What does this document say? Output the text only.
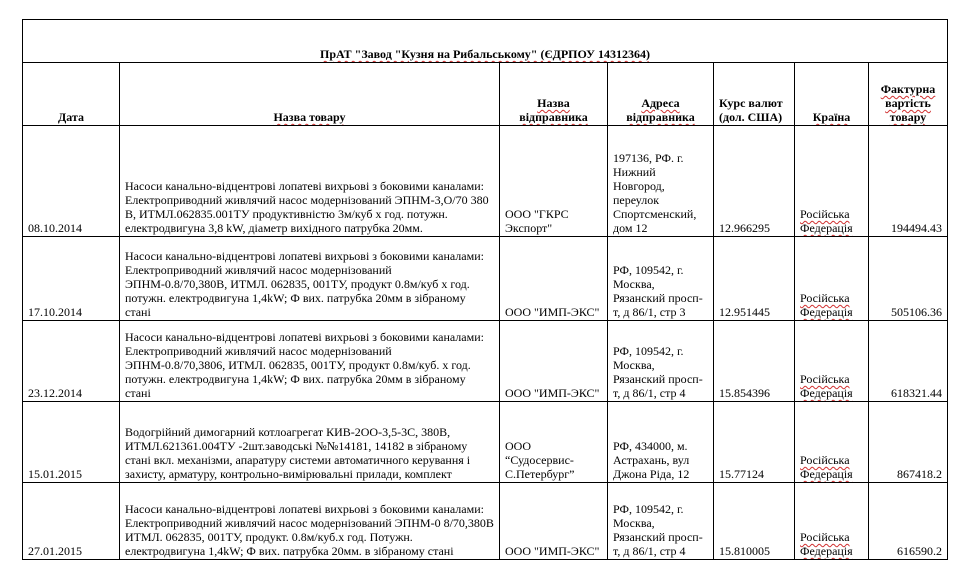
ПрАТ "Завод "Кузня на Рибальському" (ЄДРПОУ 14312364)						
Дата	Назва товару	Назва відправника	Адреса відправника	Курс валют (дол. США)	Країна	Фактурна вартість товару
08.10.2014	Насоси канально-відцентрові лопатеві вихрьові з боковими каналами: Електроприводний живлячий насос модернізований ЭПНМ-3,О/70 380 В, ИТМЛ.062835.001ТУ продуктивністю 3м/куб х год. потужн. електродвигуна 3,8 kW, діаметр вихідного патрубка 20мм.	ООО "ГКРС Экспорт"	197136, РФ. г. Нижний Новгород, переулок Спортсменский, дом 12	12.966295	Російська Федерація	194494.43
17.10.2014	Насоси канально-відцентрові лопатеві вихрьові з боковими каналами: Електроприводний живлячий насос модернізований ЭПНМ-0.8/70,380В, ИТМЛ. 062835, 001ТУ, продукт 0.8м/куб х год. потужн. електродвигуна 1,4kW; Ф вих. патрубка 20мм в зібраному стані	ООО "ИМП-ЭКС"	РФ, 109542, г. Москва, Рязанский просп-т, д 86/1, стр 3	12.951445	Російська Федерація	505106.36
23.12.2014	Насоси канально-відцентрові лопатеві вихрьові з боковими каналами: Електроприводний живлячий насос модернізований ЭПНМ-0.8/70,3806, ИТМЛ. 062835, 001ТУ, продукт 0.8м/куб. х год. потужн. електродвигуна 1,4kW; Ф вих. патрубка 20мм в зібраному стані	ООО "ИМП-ЭКС"	РФ, 109542, г. Москва, Рязанский просп-т, д 86/1, стр 4	15.854396	Російська Федерація	618321.44
15.01.2015	Водогрійний димогарний котлоагрегат КИВ-2ОО-3,5-3С, 380В, ИТМЛ.621361.004ТУ -2шт.заводські №№14181, 14182 в зібраному стані вкл. механізми, апаратуру системи автоматичного керування і захисту, арматуру, контрольно-вимірювальні прилади, комплект	ООО “Судосервис-С.Петербург”	РФ, 434000, м. Астрахань, вул Джона Ріда, 12	15.77124	Російська Федерація	867418.2
27.01.2015	Насоси канально-відцентрові лопатеві вихрьові з боковими каналами: Електроприводний живлячий насос модернізований ЭПНМ-0 8/70,380В ИТМЛ. 062835, 001ТУ, продукт. 0.8м/куб.х год. Потужн. електродвигуна 1,4kW; Ф вих. патрубка 20мм. в зібраному стані	ООО "ИМП-ЭКС"	РФ, 109542, г. Москва, Рязанский просп-т, д 86/1, стр 4	15.810005	Російська Федерація	616590.2
